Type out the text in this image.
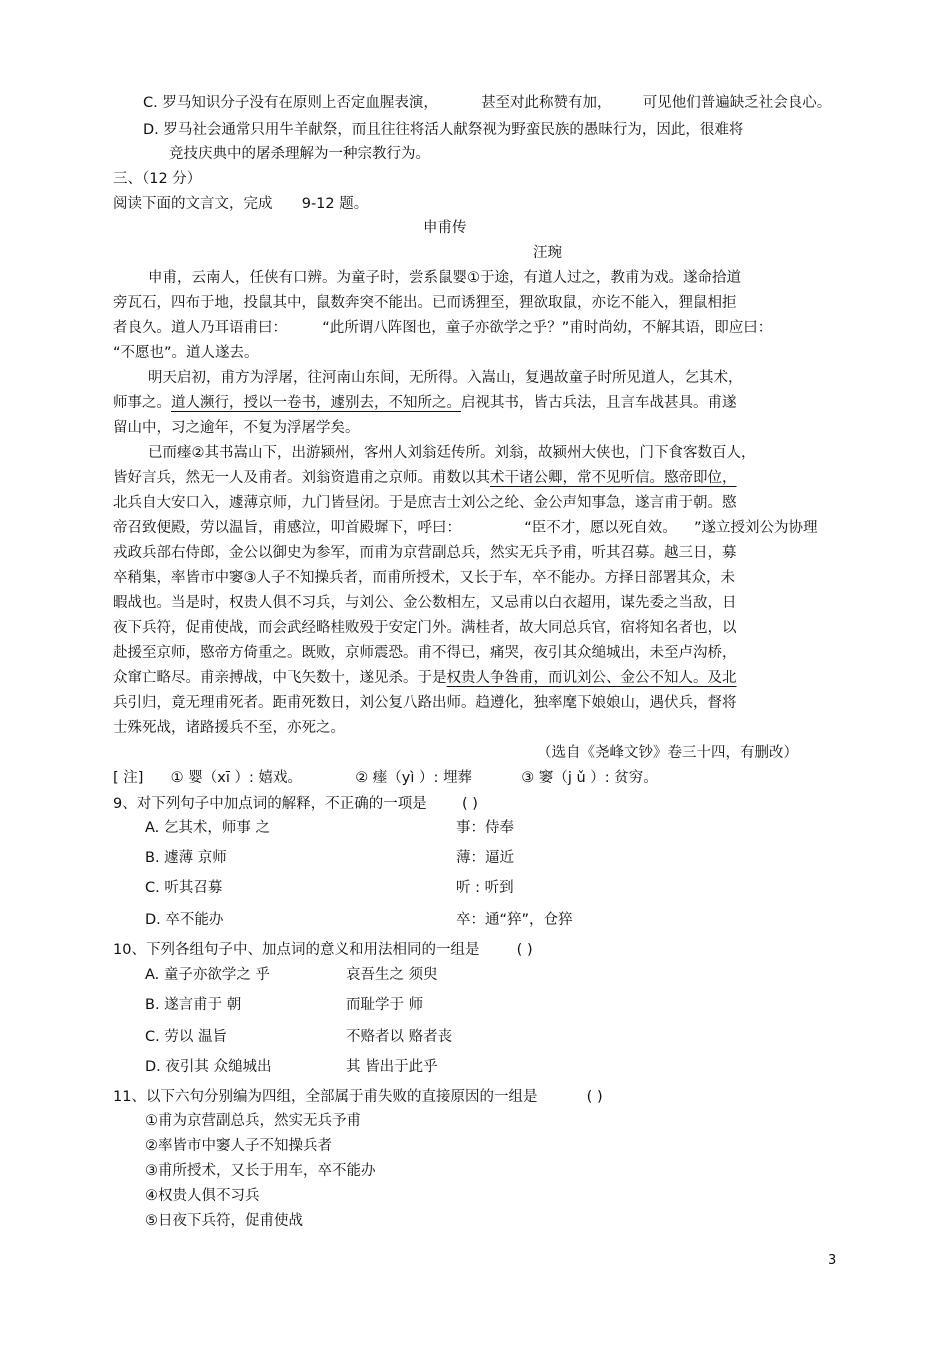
C. 罗马知识分子没有在原则上否定血腥表演，	甚至对此称赞有加， 可见他们普遍缺乏社会良心。
D. 罗马社会通常只用牛羊献祭，而且往往将活人献祭视为野蛮民族的愚昧行为，因此，很难将
竞技庆典中的屠杀理解为一种宗教行为。
三、（12 分）
阅读下面的文言文，完成 9-12 题。
申甫传
汪琬
申甫，云南人，任侠有口辨。为童子时，尝系鼠婴①于途，有道人过之，教甫为戏。遂命拾道
旁瓦石，四布于地，投鼠其中，鼠数奔突不能出。已而诱狸至，狸欲取鼠，亦讫不能入，狸鼠相拒
者良久。道人乃耳语甫曰： “此所谓八阵图也，童子亦欲学之乎？”甫时尚幼，不解其语，即应曰：
“不愿也”。道人遂去。
明天启初，甫方为浮屠，往河南山东间，无所得。入嵩山，复遇故童子时所见道人，乞其术，
师事之。道人濒行，授以一卷书，遽别去，不知所之。启视其书，皆古兵法，且言车战甚具。甫遂
留山中，习之逾年，不复为浮屠学矣。
已而瘗②其书嵩山下，出游颍州，客州人刘翁廷传所。刘翁，故颍州大侠也，门下食客数百人，
皆好言兵，然无一人及甫者。刘翁资遣甫之京师。甫数以其术干诸公卿，常不见听信。愍帝即位，
北兵自大安口入，遽薄京师，九门皆昼闭。于是庶吉士刘公之纶、金公声知事急，遂言甫于朝。愍
帝召致便殿，劳以温旨，甫感泣，叩首殿墀下，呼曰：	“臣不才，愿以死自效。 ”遂立授刘公为协理
戎政兵部右侍郎，金公以御史为参军，而甫为京营副总兵，然实无兵予甫，听其召募。越三日，募
卒稍集，率皆市中窭③人子不知操兵者，而甫所授术，又长于车，卒不能办。方择日部署其众，未
暇战也。当是时，权贵人俱不习兵，与刘公、金公数相左，又忌甫以白衣超用，谋先委之当敌，日
夜下兵符，促甫使战，而会武经略桂败殁于安定门外。满桂者，故大同总兵官，宿将知名者也，以
赴援至京师，愍帝方倚重之。既败，京师震恐。甫不得已，痛哭，夜引其众缒城出，未至卢沟桥，
众窜亡略尽。甫亲搏战，中飞矢数十，遂见杀。于是权贵人争咎甫，而讥刘公、金公不知人。及北
兵引归，竟无理甫死者。距甫死数日，刘公复八路出师。趋遵化，独率麾下娘娘山，遇伏兵，督将
士殊死战，诸路援兵不至，亦死之。
（选自《尧峰文钞》卷三十四，有删改）
[ 注] ① 婴（xī ）: 嬉戏。	② 瘗（yì ）: 埋葬	③ 窭（j ǔ ）: 贫穷。
9、对下列句子中加点词的解释，不正确的一项是 ( )
A. 乞其术，师事 之	事：侍奉
B. 遽薄 京师	薄：逼近
C. 听其召募	听 : 听到
D. 卒不能办	卒：通“猝”，仓猝
10、下列各组句子中、加点词的意义和用法相同的一组是	( )
A. 童子亦欲学之 乎	哀吾生之 须臾
B. 遂言甫于 朝	而耻学于 师
C. 劳以 温旨	不赂者以 赂者丧
D. 夜引其 众缒城出	其 皆出于此乎
11、以下六句分别编为四组，全部属于甫失败的直接原因的一组是	( )
①甫为京营副总兵，然实无兵予甫
②率皆市中窭人子不知操兵者
③甫所授术，又长于用车，卒不能办
④权贵人俱不习兵
⑤日夜下兵符，促甫使战
3
